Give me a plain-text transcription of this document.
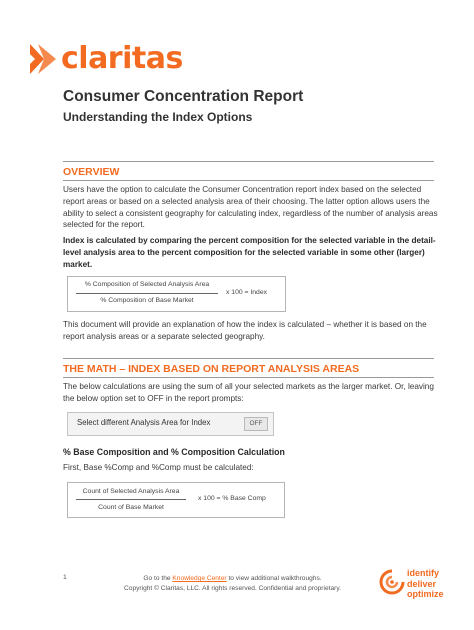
claritas
Consumer Concentration Report
Understanding the Index Options
OVERVIEW
Users have the option to calculate the Consumer Concentration report index based on the selected report areas or based on a selected analysis area of their choosing. The latter option allows users the ability to select a consistent geography for calculating index, regardless of the number of analysis areas selected for the report.
Index is calculated by comparing the percent composition for the selected variable in the detail-level analysis area to the percent composition for the selected variable in some other (larger) market.
% Composition of Selected Analysis Area
% Composition of Base Market
x 100 = Index
This document will provide an explanation of how the index is calculated – whether it is based on the report analysis areas or a separate selected geography.
THE MATH – INDEX BASED ON REPORT ANALYSIS AREAS
The below calculations are using the sum of all your selected markets as the larger market. Or, leaving the below option set to OFF in the report prompts:
Select different Analysis Area for Index	OFF
% Base Composition and % Composition Calculation
First, Base %Comp and %Comp must be calculated:
Count of Selected Analysis Area
Count of Base Market
x 100 = % Base Comp
1	Go to the Knowledge Center to view additional walkthroughs.
Copyright © Claritas, LLC. All rights reserved. Confidential and proprietary.
identify
deliver
optimize
